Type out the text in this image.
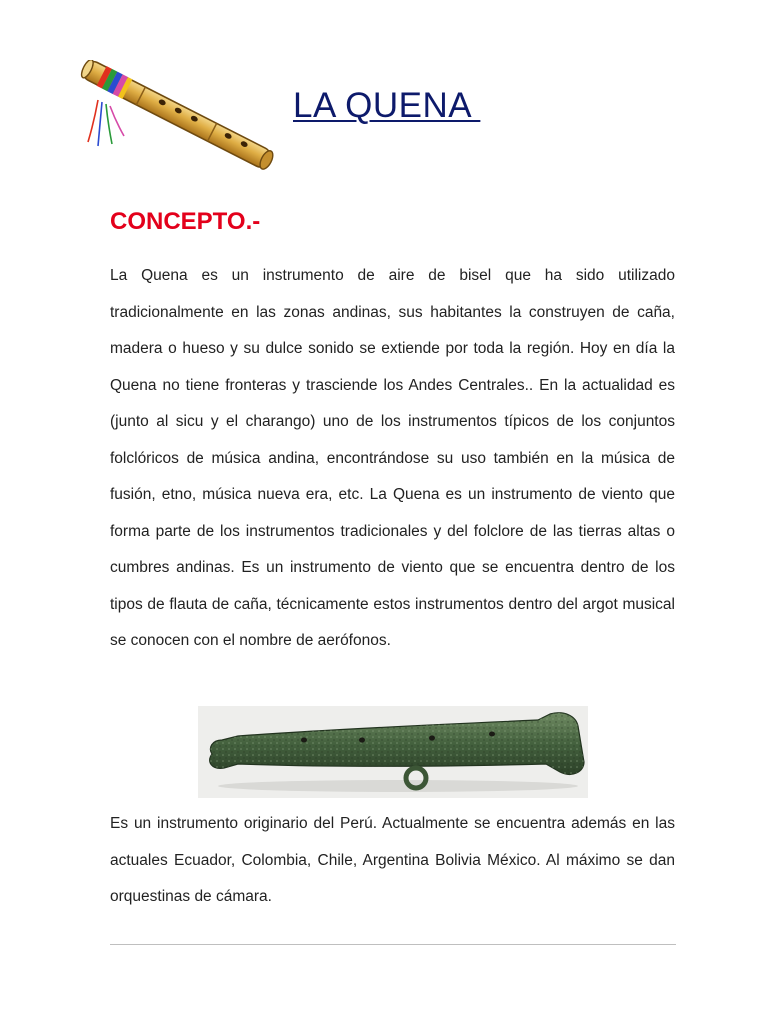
LA QUENA
CONCEPTO.-

La Quena es un instrumento de aire de bisel que ha sido utilizado tradicionalmente en las zonas andinas, sus habitantes la construyen de caña, madera o hueso y su dulce sonido se extiende por toda la región. Hoy en día la Quena no tiene fronteras y trasciende los Andes Centrales.. En la actualidad es (junto al sicu y el charango) uno de los instrumentos típicos de los conjuntos folclóricos de música andina, encontrándose su uso también en la música de fusión, etno, música nueva era, etc. La Quena es un instrumento de viento que forma parte de los instrumentos tradicionales y del folclore de las tierras altas o cumbres andinas. Es un instrumento de viento que se encuentra dentro de los tipos de flauta de caña, técnicamente estos instrumentos dentro del argot musical se conocen con el nombre de aerófonos.

Es un instrumento originario del Perú. Actualmente se encuentra además en las actuales Ecuador, Colombia, Chile, Argentina Bolivia México. Al máximo se dan orquestinas de cámara.
